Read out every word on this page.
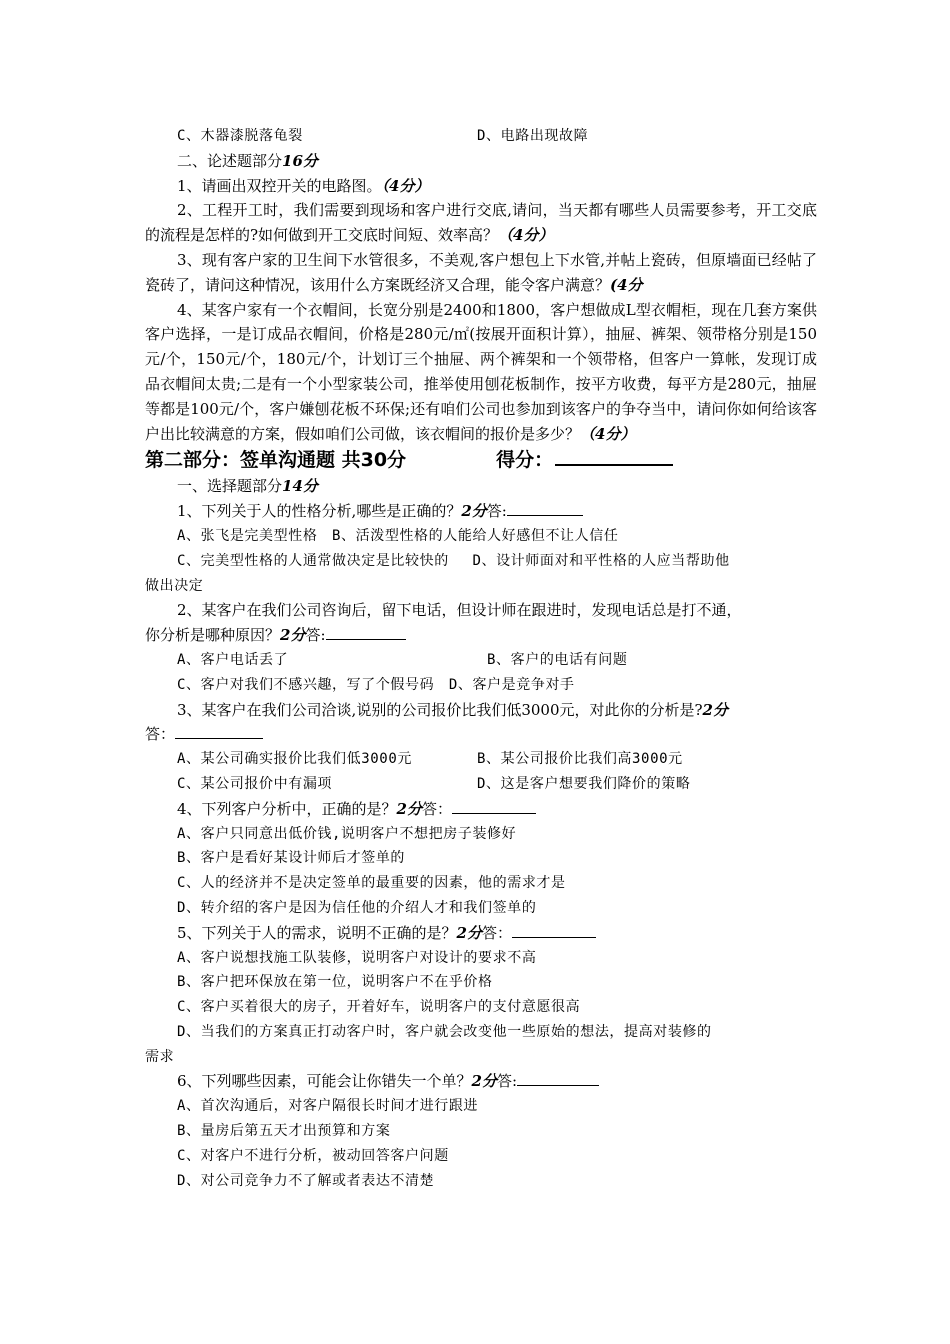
C、木器漆脱落龟裂	D、电路出现故障
二、论述题部分16分
1、请画出双控开关的电路图。（4分）
2、工程开工时，我们需要到现场和客户进行交底,请问，当天都有哪些人员需要参考，开工交底的流程是怎样的?如何做到开工交底时间短、效率高？（4分）
3、现有客户家的卫生间下水管很多，不美观,客户想包上下水管,并帖上瓷砖，但原墙面已经帖了瓷砖了，请问这种情况，该用什么方案既经济又合理，能令客户满意？(4分
4、某客户家有一个衣帽间，长宽分别是2400和1800，客户想做成L型衣帽柜，现在几套方案供客户选择，一是订成品衣帽间，价格是280元/㎡(按展开面积计算），抽屉、裤架、领带格分别是150元/个，150元/个，180元/个，计划订三个抽屉、两个裤架和一个领带格，但客户一算帐，发现订成品衣帽间太贵;二是有一个小型家装公司，推举使用刨花板制作，按平方收费，每平方是280元，抽屉等都是100元/个，客户嫌刨花板不环保;还有咱们公司也参加到该客户的争夺当中，请问你如何给该客户出比较满意的方案，假如咱们公司做，该衣帽间的报价是多少？（4分）
第二部分：签单沟通题 共30分	得分：
一、选择题部分14分
1、下列关于人的性格分析,哪些是正确的？2分答:
A、张飞是完美型性格　B、活泼型性格的人能给人好感但不让人信任
C、完美型性格的人通常做决定是比较快的　 D、设计师面对和平性格的人应当帮助他
做出决定
2、某客户在我们公司咨询后，留下电话，但设计师在跟进时，发现电话总是打不通，
你分析是哪种原因？2分答:
A、客户电话丢了	B、客户的电话有问题
C、客户对我们不感兴趣，写了个假号码　D、客户是竞争对手
3、某客户在我们公司洽谈,说别的公司报价比我们低3000元，对此你的分析是?2分
答：
A、某公司确实报价比我们低3000元	B、某公司报价比我们高3000元
C、某公司报价中有漏项	D、这是客户想要我们降价的策略
4、下列客户分析中，正确的是？2分答：
A、客户只同意出低价钱,说明客户不想把房子装修好
B、客户是看好某设计师后才签单的
C、人的经济并不是决定签单的最重要的因素，他的需求才是
D、转介绍的客户是因为信任他的介绍人才和我们签单的
5、下列关于人的需求，说明不正确的是？2分答：
A、客户说想找施工队装修，说明客户对设计的要求不高
B、客户把环保放在第一位，说明客户不在乎价格
C、客户买着很大的房子，开着好车，说明客户的支付意愿很高
D、当我们的方案真正打动客户时，客户就会改变他一些原始的想法，提高对装修的
需求
6、下列哪些因素，可能会让你错失一个单？2分答:
A、首次沟通后，对客户隔很长时间才进行跟进
B、量房后第五天才出预算和方案
C、对客户不进行分析，被动回答客户问题
D、对公司竞争力不了解或者表达不清楚
